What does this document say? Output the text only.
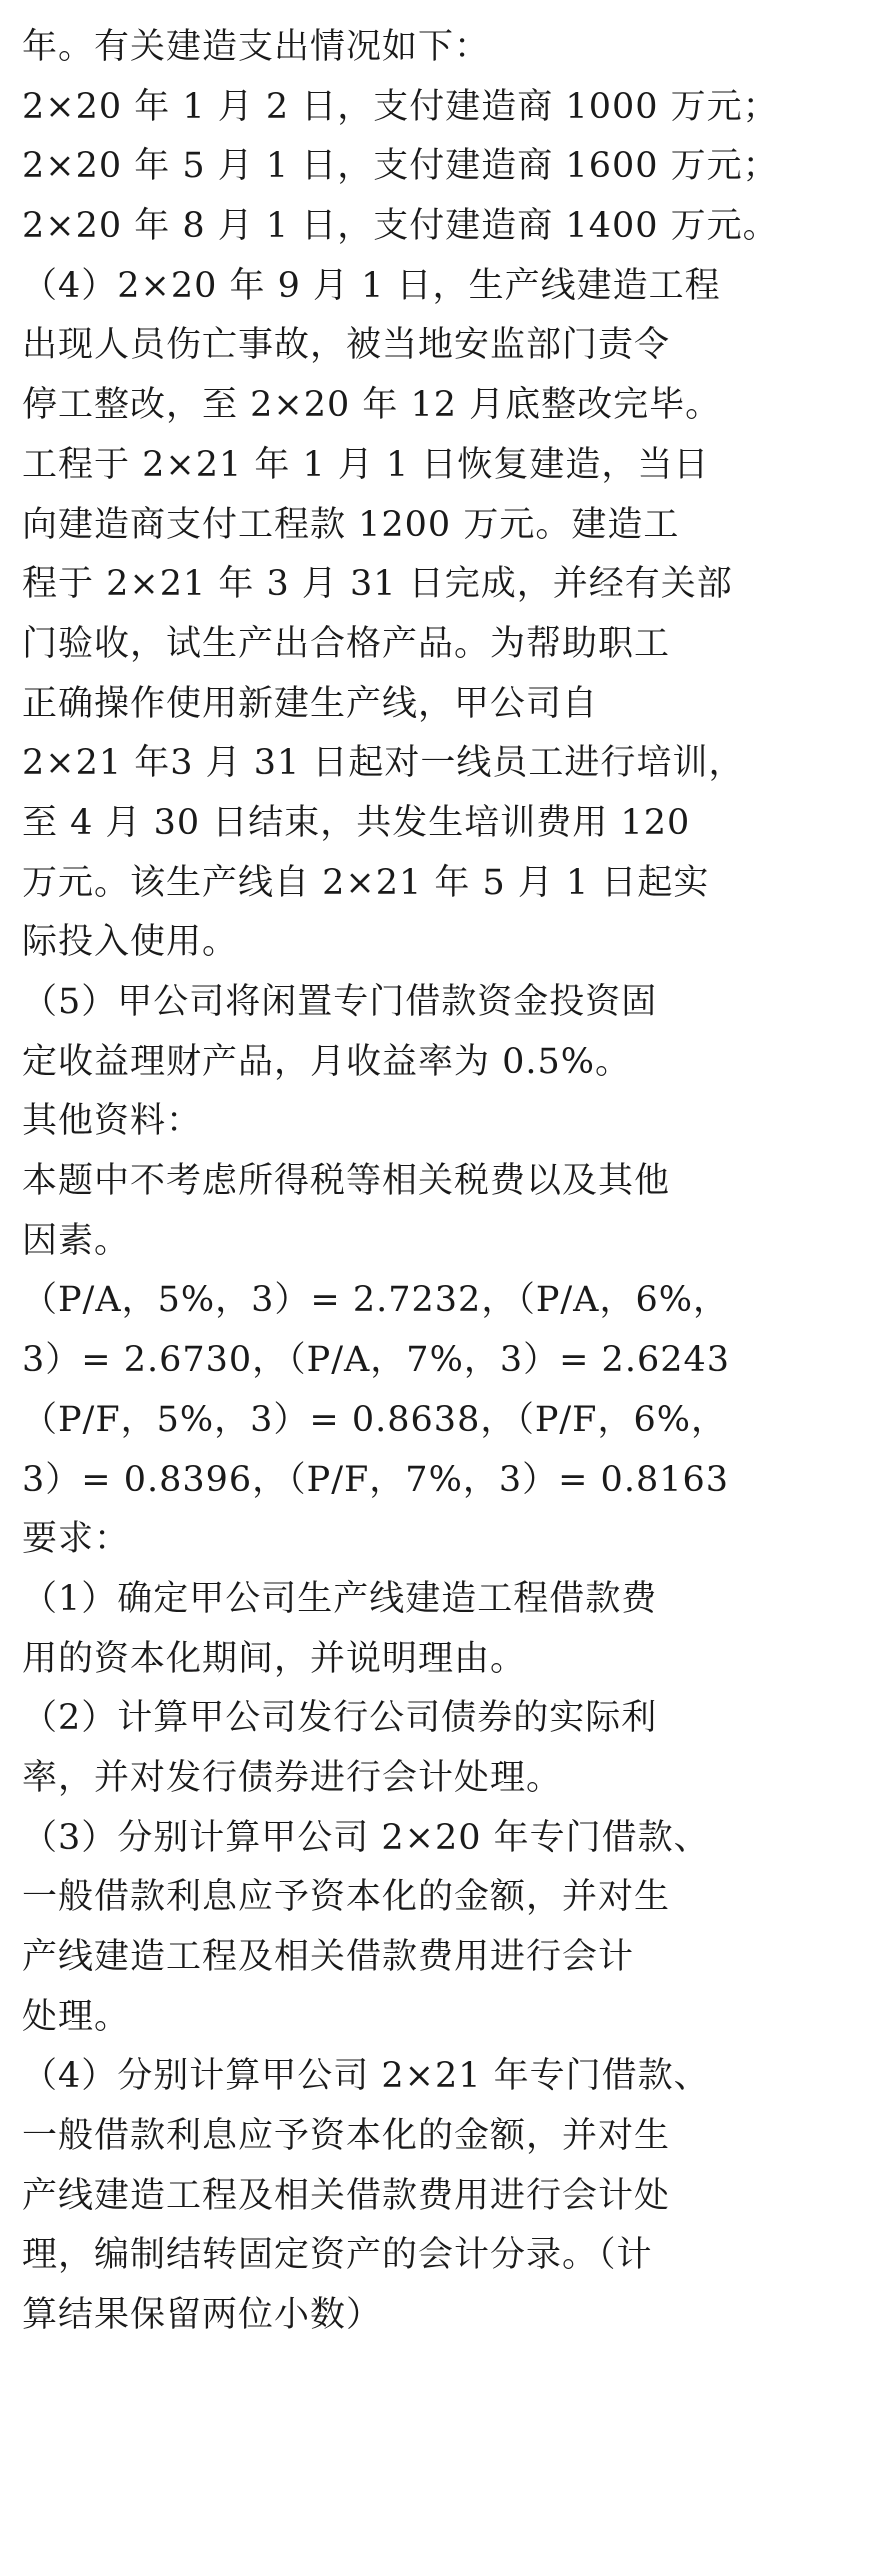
年。有关建造支出情况如下：
2×20 年 1 月 2 日，支付建造商 1000 万元；
2×20 年 5 月 1 日，支付建造商 1600 万元；
2×20 年 8 月 1 日，支付建造商 1400 万元。
（4）2×20 年 9 月 1 日，生产线建造工程
出现人员伤亡事故，被当地安监部门责令
停工整改，至 2×20 年 12 月底整改完毕。
工程于 2×21 年 1 月 1 日恢复建造，当日
向建造商支付工程款 1200 万元。建造工
程于 2×21 年 3 月 31 日完成，并经有关部
门验收，试生产出合格产品。为帮助职工
正确操作使用新建生产线，甲公司自
2×21 年3 月 31 日起对一线员工进行培训，
至 4 月 30 日结束，共发生培训费用 120
万元。该生产线自 2×21 年 5 月 1 日起实
际投入使用。
（5）甲公司将闲置专门借款资金投资固
定收益理财产品，月收益率为 0.5%。
其他资料：
本题中不考虑所得税等相关税费以及其他
因素。
（P/A，5%，3）= 2.7232，（P/A，6%，
3）= 2.6730，（P/A，7%，3）= 2.6243
（P/F，5%，3）= 0.8638，（P/F，6%，
3）= 0.8396，（P/F，7%，3）= 0.8163
要求：
（1）确定甲公司生产线建造工程借款费
用的资本化期间，并说明理由。
（2）计算甲公司发行公司债券的实际利
率，并对发行债券进行会计处理。
（3）分别计算甲公司 2×20 年专门借款、
一般借款利息应予资本化的金额，并对生
产线建造工程及相关借款费用进行会计
处理。
（4）分别计算甲公司 2×21 年专门借款、
一般借款利息应予资本化的金额，并对生
产线建造工程及相关借款费用进行会计处
理，编制结转固定资产的会计分录。（计
算结果保留两位小数）
